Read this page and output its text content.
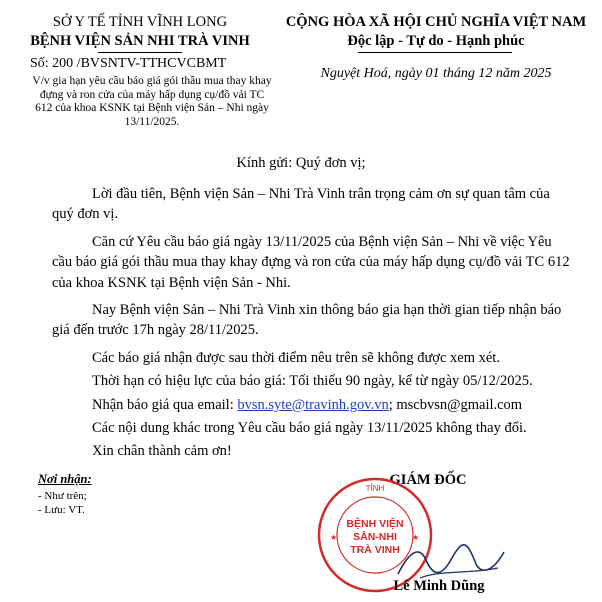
SỞ Y TẾ TỈNH VĨNH LONG
BỆNH VIỆN SẢN NHI TRÀ VINH
Số: 200 /BVSNTV-TTHCVCBMT
V/v gia hạn yêu cầu báo giá gói thầu mua thay khay đựng và ron cửa của máy hấp dụng cụ/đồ vải TC 612 của khoa KSNK tại Bệnh viện Sản – Nhi ngày 13/11/2025.
CỘNG HÒA XÃ HỘI CHỦ NGHĨA VIỆT NAM
Độc lập - Tự do - Hạnh phúc
Nguyệt Hoá, ngày 01 tháng 12 năm 2025
Kính gửi: Quý đơn vị;

Lời đầu tiên, Bệnh viện Sản – Nhi Trà Vinh trân trọng cảm ơn sự quan tâm của quý đơn vị.

Căn cứ Yêu cầu báo giá ngày 13/11/2025 của Bệnh viện Sản – Nhi về việc Yêu cầu báo giá gói thầu mua thay khay đựng và ron cửa của máy hấp dụng cụ/đồ vải TC 612 của khoa KSNK tại Bệnh viện Sản - Nhi.

Nay Bệnh viện Sản – Nhi Trà Vinh xin thông báo gia hạn thời gian tiếp nhận báo giá đến trước 17h ngày 28/11/2025.

Các báo giá nhận được sau thời điểm nêu trên sẽ không được xem xét.

Thời hạn có hiệu lực của báo giá: Tối thiểu 90 ngày, kể từ ngày 05/12/2025.

Nhận báo giá qua email: bvsn.syte@travinh.gov.vn; mscbvsn@gmail.com

Các nội dung khác trong Yêu cầu báo giá ngày 13/11/2025 không thay đổi.

Xin chân thành cảm ơn!

Nơi nhận:
- Như trên;
- Lưu: VT.
GIÁM ĐỐC
TỈNH
BỆNH VIỆN
SẢN-NHI
TRÀ VINH
★	★
Lê Minh Dũng
